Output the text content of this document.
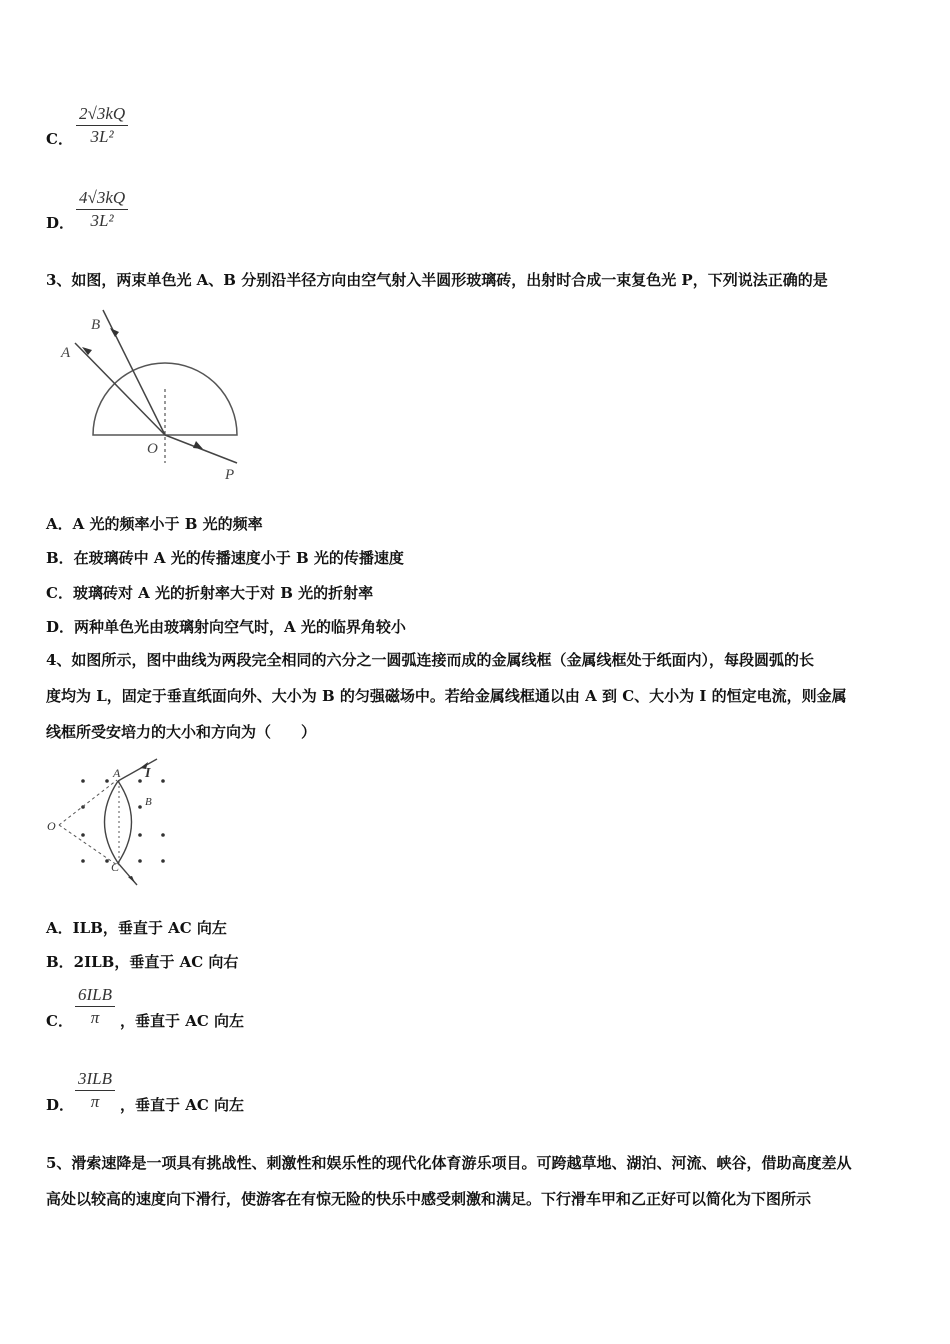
C．
2√3kQ
3L²
D．
4√3kQ
3L²
3、如图，两束单色光 A、B 分别沿半径方向由空气射入半圆形玻璃砖，出射时合成一束复色光 P，下列说法正确的是
A
B
O
P
A．A 光的频率小于 B 光的频率
B．在玻璃砖中 A 光的传播速度小于 B 光的传播速度
C．玻璃砖对 A 光的折射率大于对 B 光的折射率
D．两种单色光由玻璃射向空气时，A 光的临界角较小
4、如图所示，图中曲线为两段完全相同的六分之一圆弧连接而成的金属线框（金属线框处于纸面内），每段圆弧的长
度均为 L，固定于垂直纸面向外、大小为 B 的匀强磁场中。若给金属线框通以由 A 到 C、大小为 I 的恒定电流，则金属
线框所受安培力的大小和方向为（　　）
O
A
B
C
I
A．ILB，垂直于 AC 向左
B．2ILB，垂直于 AC 向右
C．
6ILB
π	，垂直于 AC 向左
D．
3ILB
π	，垂直于 AC 向左
5、滑索速降是一项具有挑战性、刺激性和娱乐性的现代化体育游乐项目。可跨越草地、湖泊、河流、峡谷，借助高度差从
高处以较高的速度向下滑行，使游客在有惊无险的快乐中感受刺激和满足。下行滑车甲和乙正好可以简化为下图所示
